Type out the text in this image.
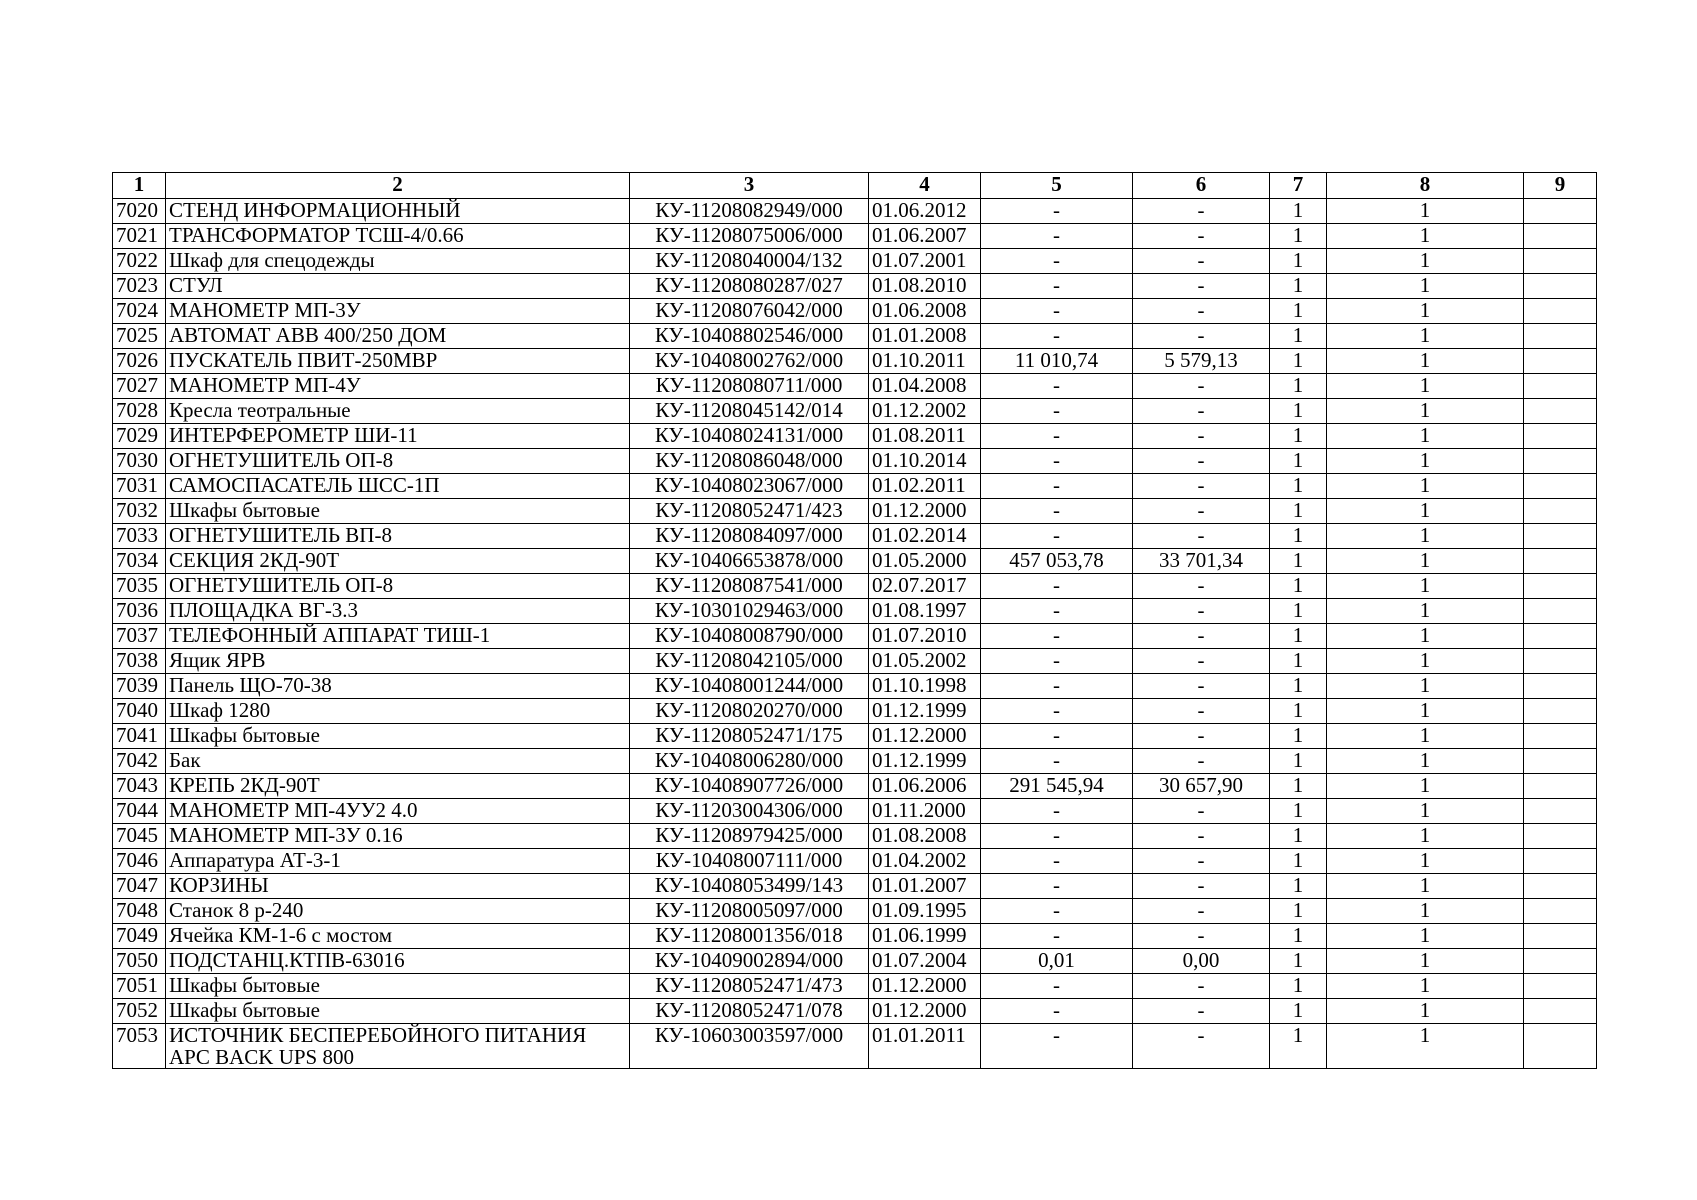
1	2	3	4	5	6	7	8	9
7020	СТЕНД ИНФОРМАЦИОННЫЙ	КУ-11208082949/000	01.06.2012	-	-	1	1	
7021	ТРАНСФОРМАТОР ТСШ-4/0.66	КУ-11208075006/000	01.06.2007	-	-	1	1	
7022	Шкаф для спецодежды	КУ-11208040004/132	01.07.2001	-	-	1	1	
7023	СТУЛ	КУ-11208080287/027	01.08.2010	-	-	1	1	
7024	МАНОМЕТР МП-3У	КУ-11208076042/000	01.06.2008	-	-	1	1	
7025	АВТОМАТ ABB 400/250 ДОМ	КУ-10408802546/000	01.01.2008	-	-	1	1	
7026	ПУСКАТЕЛЬ ПВИТ-250МВР	КУ-10408002762/000	01.10.2011	11 010,74	5 579,13	1	1	
7027	МАНОМЕТР МП-4У	КУ-11208080711/000	01.04.2008	-	-	1	1	
7028	Кресла теотральные	КУ-11208045142/014	01.12.2002	-	-	1	1	
7029	ИНТЕРФЕРОМЕТР ШИ-11	КУ-10408024131/000	01.08.2011	-	-	1	1	
7030	ОГНЕТУШИТЕЛЬ ОП-8	КУ-11208086048/000	01.10.2014	-	-	1	1	
7031	САМОСПАСАТЕЛЬ ШСС-1П	КУ-10408023067/000	01.02.2011	-	-	1	1	
7032	Шкафы бытовые	КУ-11208052471/423	01.12.2000	-	-	1	1	
7033	ОГНЕТУШИТЕЛЬ ВП-8	КУ-11208084097/000	01.02.2014	-	-	1	1	
7034	СЕКЦИЯ 2КД-90Т	КУ-10406653878/000	01.05.2000	457 053,78	33 701,34	1	1	
7035	ОГНЕТУШИТЕЛЬ ОП-8	КУ-11208087541/000	02.07.2017	-	-	1	1	
7036	ПЛОЩАДКА ВГ-3.3	КУ-10301029463/000	01.08.1997	-	-	1	1	
7037	ТЕЛЕФОННЫЙ АППАРАТ ТИШ-1	КУ-10408008790/000	01.07.2010	-	-	1	1	
7038	Ящик ЯРВ	КУ-11208042105/000	01.05.2002	-	-	1	1	
7039	Панель ЩО-70-38	КУ-10408001244/000	01.10.1998	-	-	1	1	
7040	Шкаф 1280	КУ-11208020270/000	01.12.1999	-	-	1	1	
7041	Шкафы бытовые	КУ-11208052471/175	01.12.2000	-	-	1	1	
7042	Бак	КУ-10408006280/000	01.12.1999	-	-	1	1	
7043	КРЕПЬ 2КД-90Т	КУ-10408907726/000	01.06.2006	291 545,94	30 657,90	1	1	
7044	МАНОМЕТР МП-4УУ2 4.0	КУ-11203004306/000	01.11.2000	-	-	1	1	
7045	МАНОМЕТР МП-3У 0.16	КУ-11208979425/000	01.08.2008	-	-	1	1	
7046	Аппаратура АТ-3-1	КУ-10408007111/000	01.04.2002	-	-	1	1	
7047	КОРЗИНЫ	КУ-10408053499/143	01.01.2007	-	-	1	1	
7048	Станок 8 р-240	КУ-11208005097/000	01.09.1995	-	-	1	1	
7049	Ячейка КМ-1-6 с мостом	КУ-11208001356/018	01.06.1999	-	-	1	1	
7050	ПОДСТАНЦ.КТПВ-63016	КУ-10409002894/000	01.07.2004	0,01	0,00	1	1	
7051	Шкафы бытовые	КУ-11208052471/473	01.12.2000	-	-	1	1	
7052	Шкафы бытовые	КУ-11208052471/078	01.12.2000	-	-	1	1	
7053	ИСТОЧНИК БЕСПЕРЕБОЙНОГО ПИТАНИЯ APC BACK UPS 800	КУ-10603003597/000	01.01.2011	-	-	1	1	
